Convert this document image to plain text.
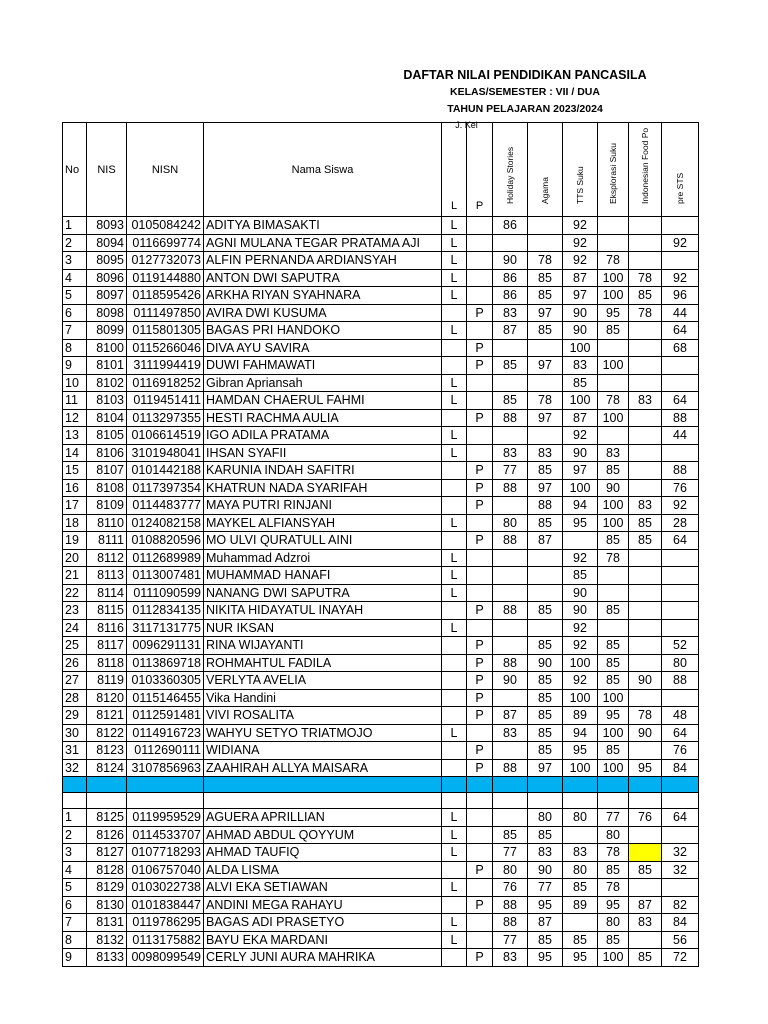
DAFTAR NILAI PENDIDIKAN PANCASILA
KELAS/SEMESTER : VII / DUA
TAHUN PELAJARAN 2023/2024
No	NIS	NISN	Nama Siswa	L	P	Holiday Stories	Agama	TTS Suku	Eksplorasi Suku	Indonesian Food Po	pre STS

1	8093	0105084242	ADITYA BIMASAKTI	L		86		92			
2	8094	0116699774	AGNI MULANA TEGAR PRATAMA AJI	L				92			92
3	8095	0127732073	ALFIN PERNANDA ARDIANSYAH	L		90	78	92	78		
4	8096	0119144880	ANTON DWI SAPUTRA	L		86	85	87	100	78	92
5	8097	0118595426	ARKHA RIYAN SYAHNARA	L		86	85	97	100	85	96
6	8098	0111497850	AVIRA DWI KUSUMA		P	83	97	90	95	78	44
7	8099	0115801305	BAGAS PRI HANDOKO	L		87	85	90	85		64
8	8100	0115266046	DIVA AYU SAVIRA		P			100			68
9	8101	3111994419	DUWI FAHMAWATI		P	85	97	83	100		
10	8102	0116918252	Gibran Apriansah	L				85			
11	8103	0119451411	HAMDAN CHAERUL FAHMI	L		85	78	100	78	83	64
12	8104	0113297355	HESTI RACHMA AULIA		P	88	97	87	100		88
13	8105	0106614519	IGO ADILA PRATAMA	L				92			44
14	8106	3101948041	IHSAN SYAFII	L		83	83	90	83		
15	8107	0101442188	KARUNIA INDAH SAFITRI		P	77	85	97	85		88
16	8108	0117397354	KHATRUN NADA SYARIFAH		P	88	97	100	90		76
17	8109	0114483777	MAYA PUTRI RINJANI		P		88	94	100	83	92
18	8110	0124082158	MAYKEL ALFIANSYAH	L		80	85	95	100	85	28
19	8111	0108820596	MO ULVI QURATULL AINI		P	88	87		85	85	64
20	8112	0112689989	Muhammad Adzroi	L				92	78		
21	8113	0113007481	MUHAMMAD HANAFI	L				85			
22	8114	0111090599	NANANG DWI SAPUTRA	L				90			
23	8115	0112834135	NIKITA HIDAYATUL INAYAH		P	88	85	90	85		
24	8116	3117131775	NUR IKSAN	L				92			
25	8117	0096291131	RINA WIJAYANTI		P		85	92	85		52
26	8118	0113869718	ROHMAHTUL FADILA		P	88	90	100	85		80
27	8119	0103360305	VERLYTA AVELIA		P	90	85	92	85	90	88
28	8120	0115146455	Vika Handini		P		85	100	100		
29	8121	0112591481	VIVI ROSALITA		P	87	85	89	95	78	48
30	8122	0114916723	WAHYU SETYO TRIATMOJO	L		83	85	94	100	90	64
31	8123	0112690111	WIDIANA		P		85	95	85		76
32	8124	3107856963	ZAAHIRAH ALLYA MAISARA		P	88	97	100	100	95	84

1	8125	0119959529	AGUERA APRILLIAN	L			80	80	77	76	64
2	8126	0114533707	AHMAD ABDUL QOYYUM	L		85	85		80		
3	8127	0107718293	AHMAD TAUFIQ	L		77	83	83	78		32
4	8128	0106757040	ALDA LISMA		P	80	90	80	85	85	32
5	8129	0103022738	ALVI EKA SETIAWAN	L		76	77	85	78		
6	8130	0101838447	ANDINI MEGA RAHAYU		P	88	95	89	95	87	82
7	8131	0119786295	BAGAS ADI PRASETYO	L		88	87		80	83	84
8	8132	0113175882	BAYU EKA MARDANI	L		77	85	85	85		56
9	8133	0098099549	CERLY JUNI AURA MAHRIKA		P	83	95	95	100	85	72
J. Kel
